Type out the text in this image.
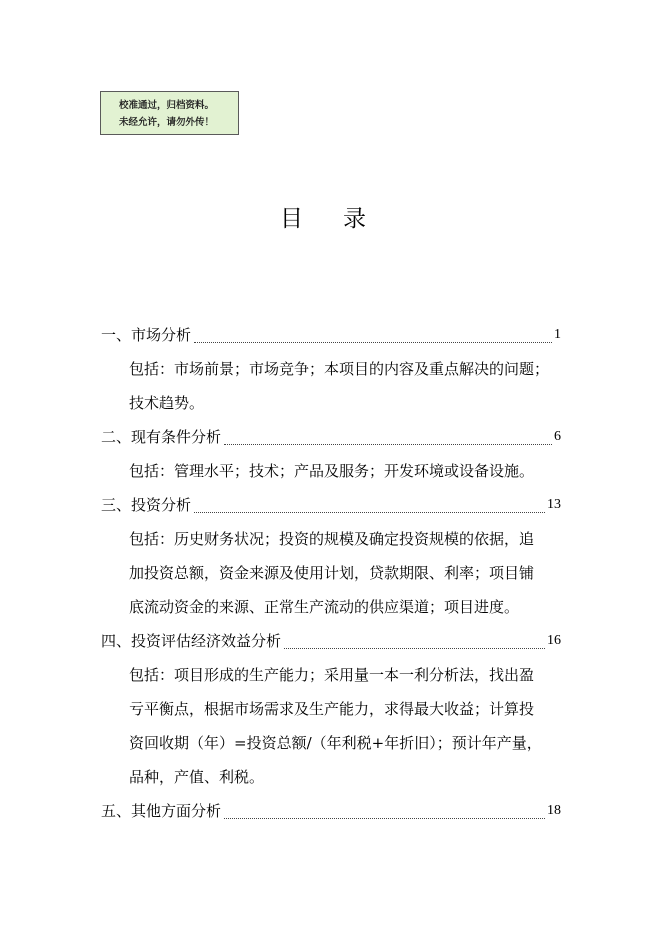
校准通过，归档资料。
未经允许，请勿外传！
目录
一、市场分析	1
包括：市场前景；市场竞争；本项目的内容及重点解决的问题；
技术趋势。
二、现有条件分析	6
包括：管理水平；技术；产品及服务；开发环境或设备设施。
三、投资分析	13
包括：历史财务状况；投资的规模及确定投资规模的依据，追
加投资总额，资金来源及使用计划，贷款期限、利率；项目铺
底流动资金的来源、正常生产流动的供应渠道；项目进度。
四、投资评估经济效益分析	16
包括：项目形成的生产能力；采用量一本一利分析法，找出盈
亏平衡点，根据市场需求及生产能力，求得最大收益；计算投
资回收期（年）=投资总额/（年利税+年折旧）；预计年产量，
品种，产值、利税。
五、其他方面分析	18
